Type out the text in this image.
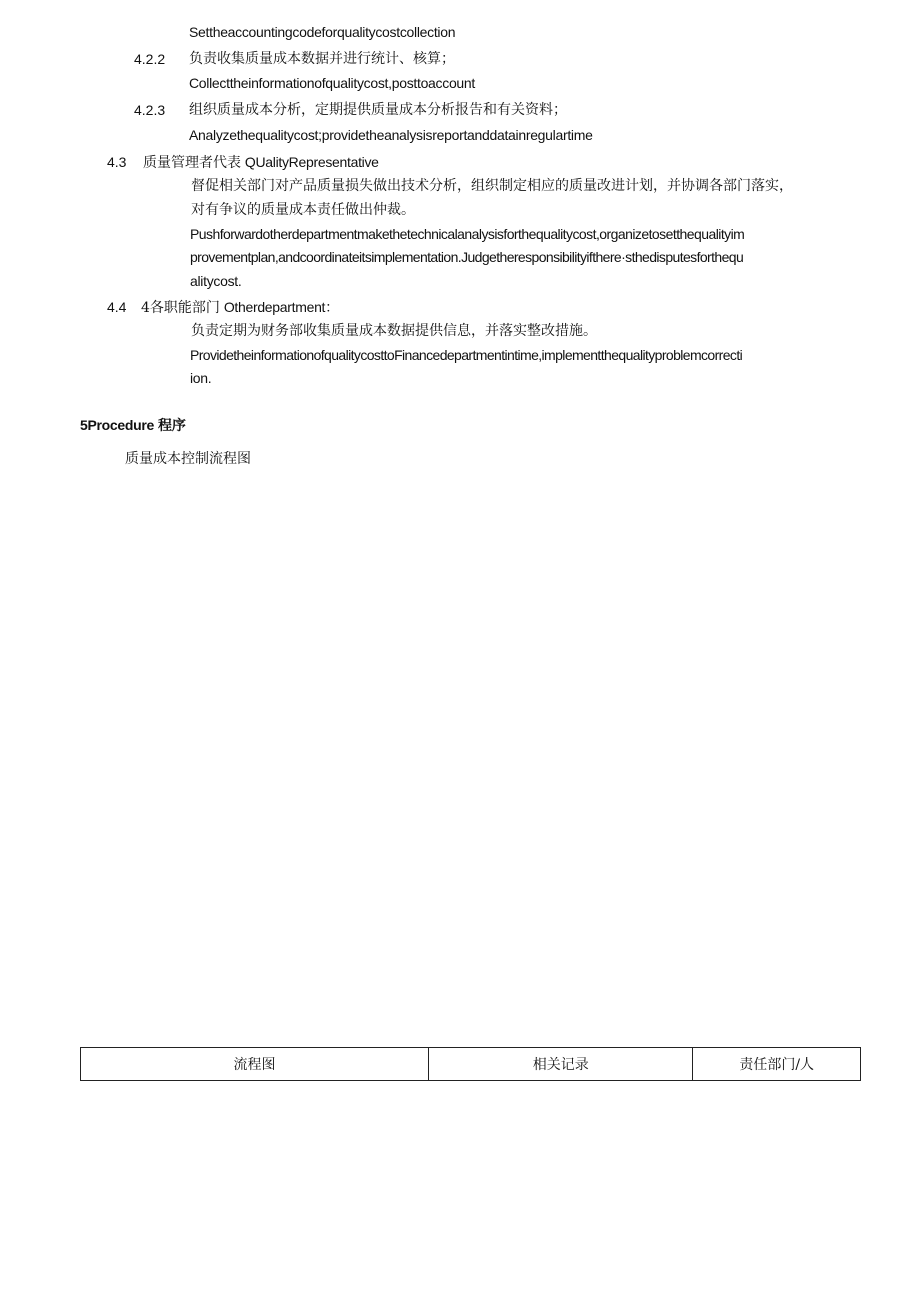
Settheaccountingcodeforqualitycostcollection
4.2.2 负责收集质量成本数据并进行统计、核算；
Collecttheinformationofqualitycost,posttoaccount
4.2.3 组织质量成本分析，定期提供质量成本分析报告和有关资料；
Analyzethequalitycost;providetheanalysisreportanddatainregulartime
4.3 质量管理者代表 QUalityRepresentative
督促相关部门对产品质量损失做出技术分析，组织制定相应的质量改进计划，并协调各部门落实，
对有争议的质量成本责任做出仲裁。
Pushforwardotherdepartmentmakethetechnicalanalysisforthequalitycost,organizetosetthequalityim
provementplan,andcoordinateitsimplementation.Judgetheresponsibilityifthere·sthedisputesforthequ
alitycost.
4.4 4各职能部门 Otherdepartment：
负责定期为财务部收集质量成本数据提供信息，并落实整改措施。
ProvidetheinformationofqualitycosttoFinancedepartmentintime,implementthequalityproblemcorrecti
ion.
5Procedure 程序
质量成本控制流程图
流程图	相关记录	责任部门/人
